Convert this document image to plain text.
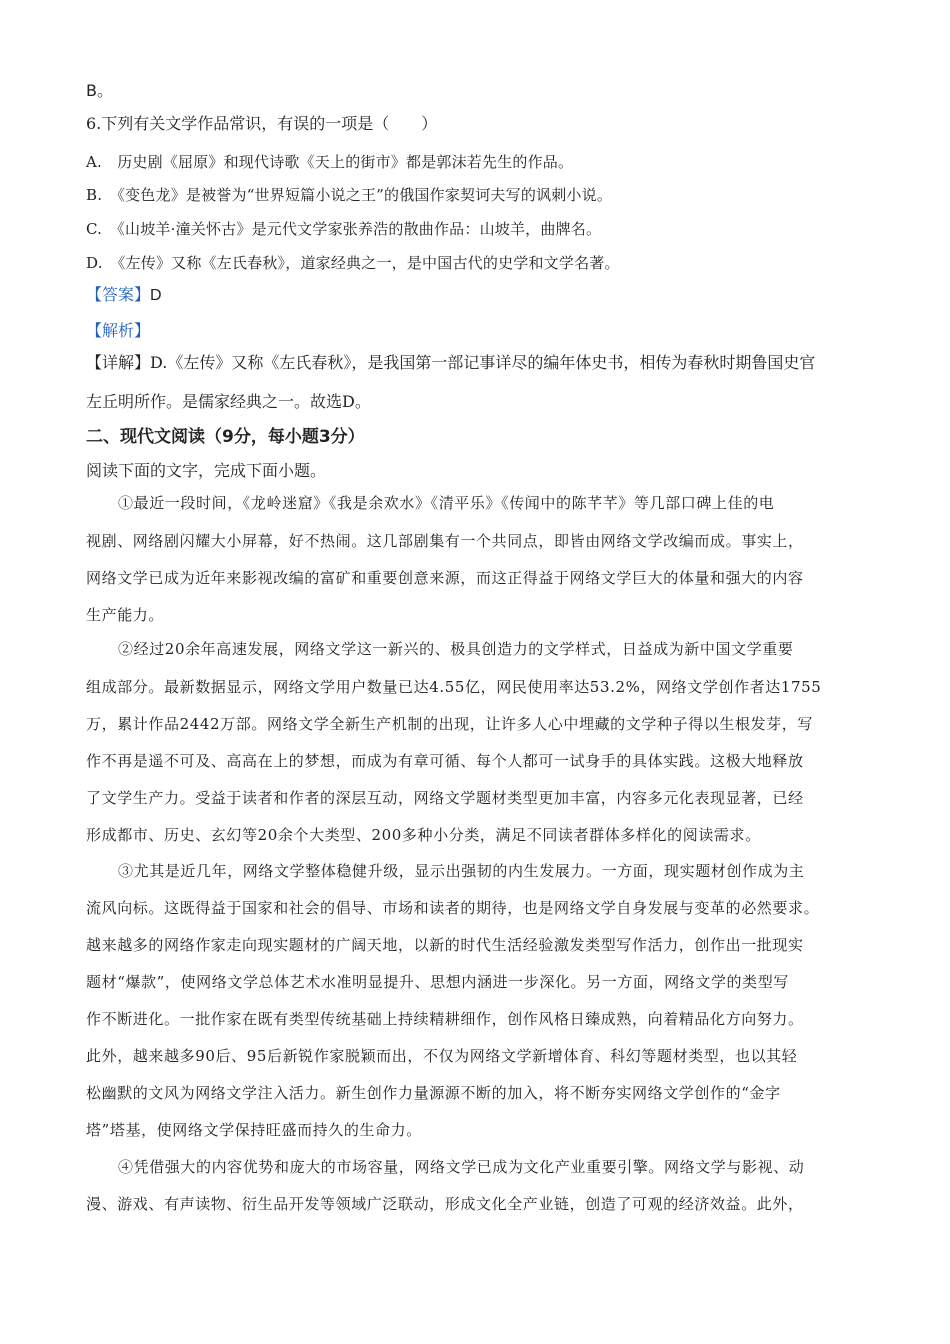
B。
6.下列有关文学作品常识，有误的一项是（　　）
A.　历史剧《屈原》和现代诗歌《天上的街市》都是郭沫若先生的作品。
B.　《变色龙》是被誉为“世界短篇小说之王”的俄国作家契诃夫写的讽刺小说。
C.　《山坡羊·潼关怀古》是元代文学家张养浩的散曲作品：山坡羊，曲牌名。
D.　《左传》又称《左氏春秋》，道家经典之一，是中国古代的史学和文学名著。
【答案】D
【解析】
【详解】D.《左传》又称《左氏春秋》，是我国第一部记事详尽的编年体史书，相传为春秋时期鲁国史官
左丘明所作。是儒家经典之一。故选D。
二、现代文阅读（9分，每小题3分）
阅读下面的文字，完成下面小题。
①最近一段时间，《龙岭迷窟》《我是余欢水》《清平乐》《传闻中的陈芊芊》等几部口碑上佳的电
视剧、网络剧闪耀大小屏幕，好不热闹。这几部剧集有一个共同点，即皆由网络文学改编而成。事实上，
网络文学已成为近年来影视改编的富矿和重要创意来源，而这正得益于网络文学巨大的体量和强大的内容
生产能力。
②经过20余年高速发展，网络文学这一新兴的、极具创造力的文学样式，日益成为新中国文学重要
组成部分。最新数据显示，网络文学用户数量已达4.55亿，网民使用率达53.2%，网络文学创作者达1755
万，累计作品2442万部。网络文学全新生产机制的出现，让许多人心中埋藏的文学种子得以生根发芽，写
作不再是遥不可及、高高在上的梦想，而成为有章可循、每个人都可一试身手的具体实践。这极大地释放
了文学生产力。受益于读者和作者的深层互动，网络文学题材类型更加丰富，内容多元化表现显著，已经
形成都市、历史、玄幻等20余个大类型、200多种小分类，满足不同读者群体多样化的阅读需求。
③尤其是近几年，网络文学整体稳健升级，显示出强韧的内生发展力。一方面，现实题材创作成为主
流风向标。这既得益于国家和社会的倡导、市场和读者的期待，也是网络文学自身发展与变革的必然要求。
越来越多的网络作家走向现实题材的广阔天地，以新的时代生活经验激发类型写作活力，创作出一批现实
题材“爆款”，使网络文学总体艺术水准明显提升、思想内涵进一步深化。另一方面，网络文学的类型写
作不断进化。一批作家在既有类型传统基础上持续精耕细作，创作风格日臻成熟，向着精品化方向努力。
此外，越来越多90后、95后新锐作家脱颖而出，不仅为网络文学新增体育、科幻等题材类型，也以其轻
松幽默的文风为网络文学注入活力。新生创作力量源源不断的加入，将不断夯实网络文学创作的“金字
塔”塔基，使网络文学保持旺盛而持久的生命力。
④凭借强大的内容优势和庞大的市场容量，网络文学已成为文化产业重要引擎。网络文学与影视、动
漫、游戏、有声读物、衍生品开发等领域广泛联动，形成文化全产业链，创造了可观的经济效益。此外，
